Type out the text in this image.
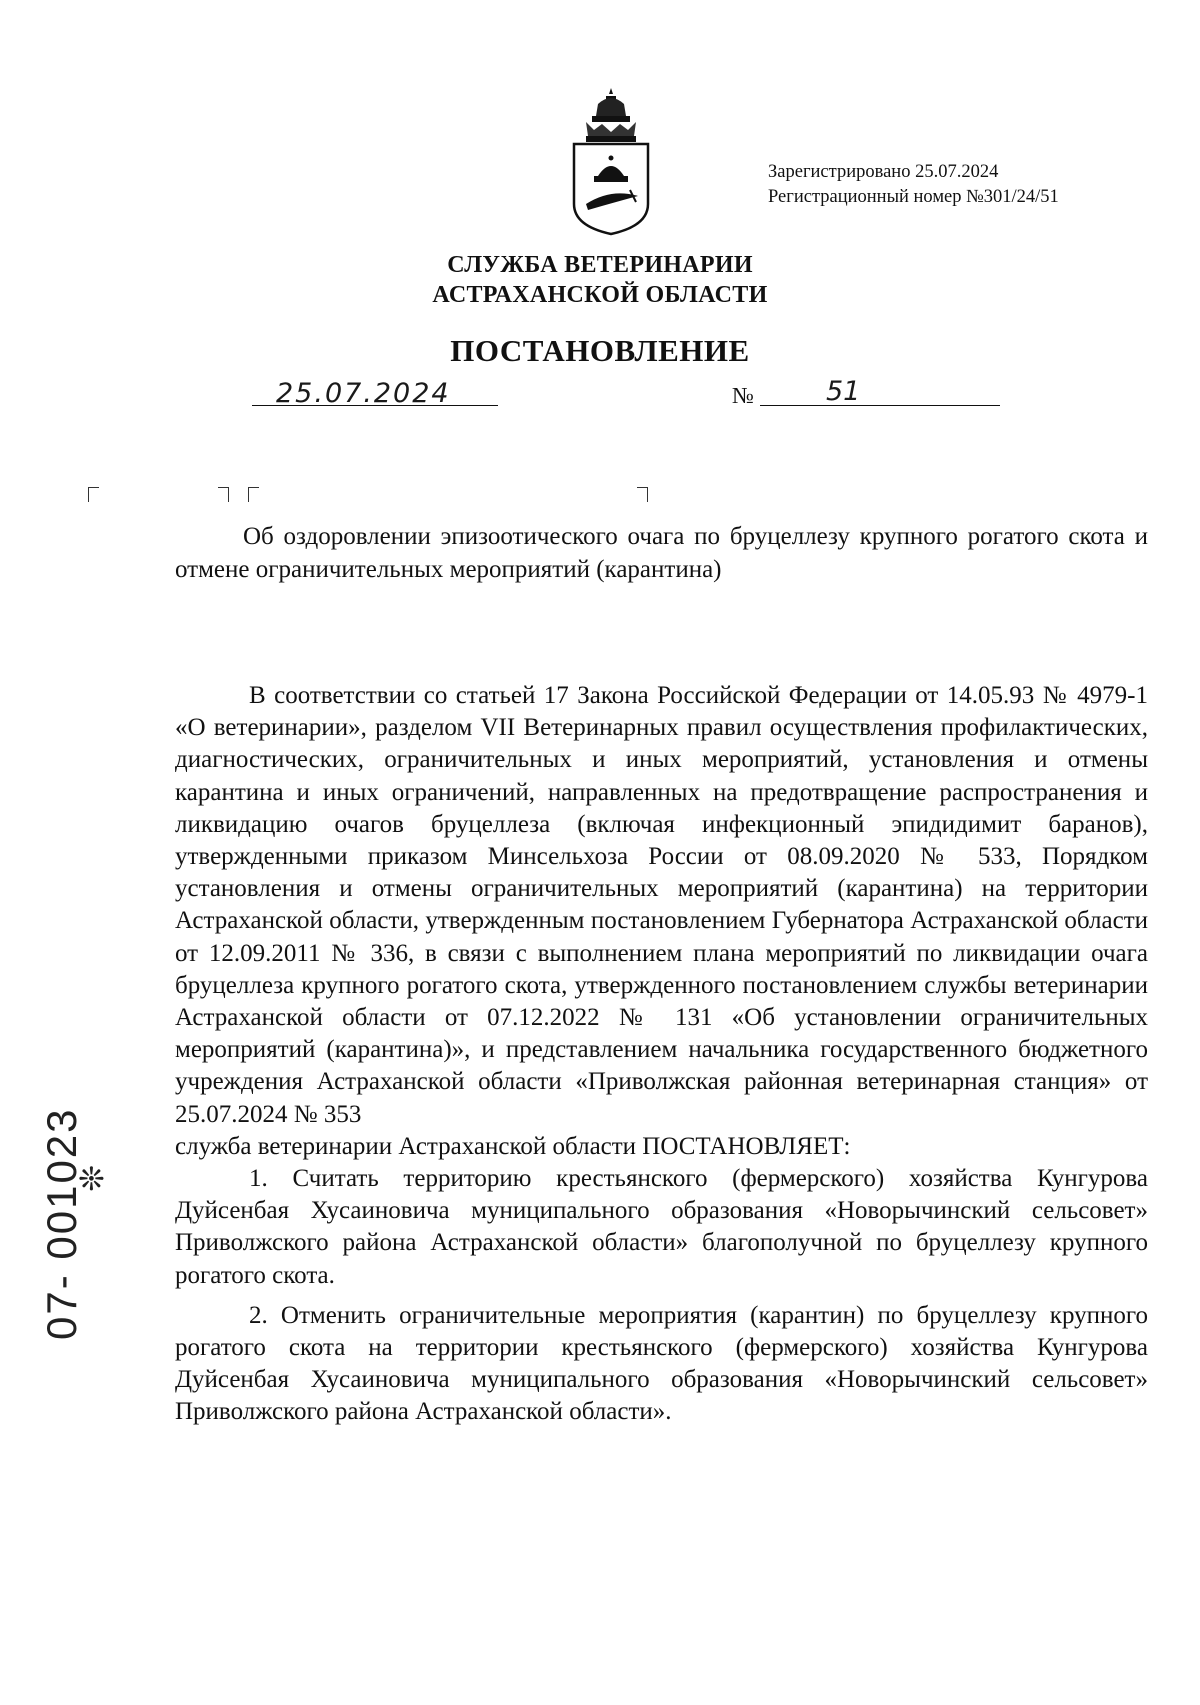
Зарегистрировано 25.07.2024
Регистрационный номер №301/24/51
СЛУЖБА ВЕТЕРИНАРИИ
АСТРАХАНСКОЙ ОБЛАСТИ
ПОСТАНОВЛЕНИЕ
25.07.2024	№	51
Об оздоровлении эпизоотического очага по бруцеллезу крупного рогатого скота и отмене ограничительных мероприятий (карантина)

В соответствии со статьей 17 Закона Российской Федерации от 14.05.93 № 4979-1 «О ветеринарии», разделом VII Ветеринарных правил осуществления профилактических, диагностических, ограничительных и иных мероприятий, установления и отмены карантина и иных ограничений, направленных на предотвращение распространения и ликвидацию очагов бруцеллеза (включая инфекционный эпидидимит баранов), утвержденными приказом Минсельхоза России от 08.09.2020 № 533, Порядком установления и отмены ограничительных мероприятий (карантина) на территории Астраханской области, утвержденным постановлением Губернатора Астраханской области от 12.09.2011 № 336, в связи с выполнением плана мероприятий по ликвидации очага бруцеллеза крупного рогатого скота, утвержденного постановлением службы ветеринарии Астраханской области от 07.12.2022 № 131 «Об установлении ограничительных мероприятий (карантина)», и представлением начальника государственного бюджетного учреждения Астраханской области «Приволжская районная ветеринарная станция» от 25.07.2024 № 353

служба ветеринарии Астраханской области ПОСТАНОВЛЯЕТ:

1. Считать территорию крестьянского (фермерского) хозяйства Кунгурова Дуйсенбая Хусаиновича муниципального образования «Новорычинский сельсовет» Приволжского района Астраханской области» благополучной по бруцеллезу крупного рогатого скота.

2. Отменить ограничительные мероприятия (карантин) по бруцеллезу крупного рогатого скота на территории крестьянского (фермерского) хозяйства Кунгурова Дуйсенбая Хусаиновича муниципального образования «Новорычинский сельсовет» Приволжского района Астраханской области».

❊
07- 001023
